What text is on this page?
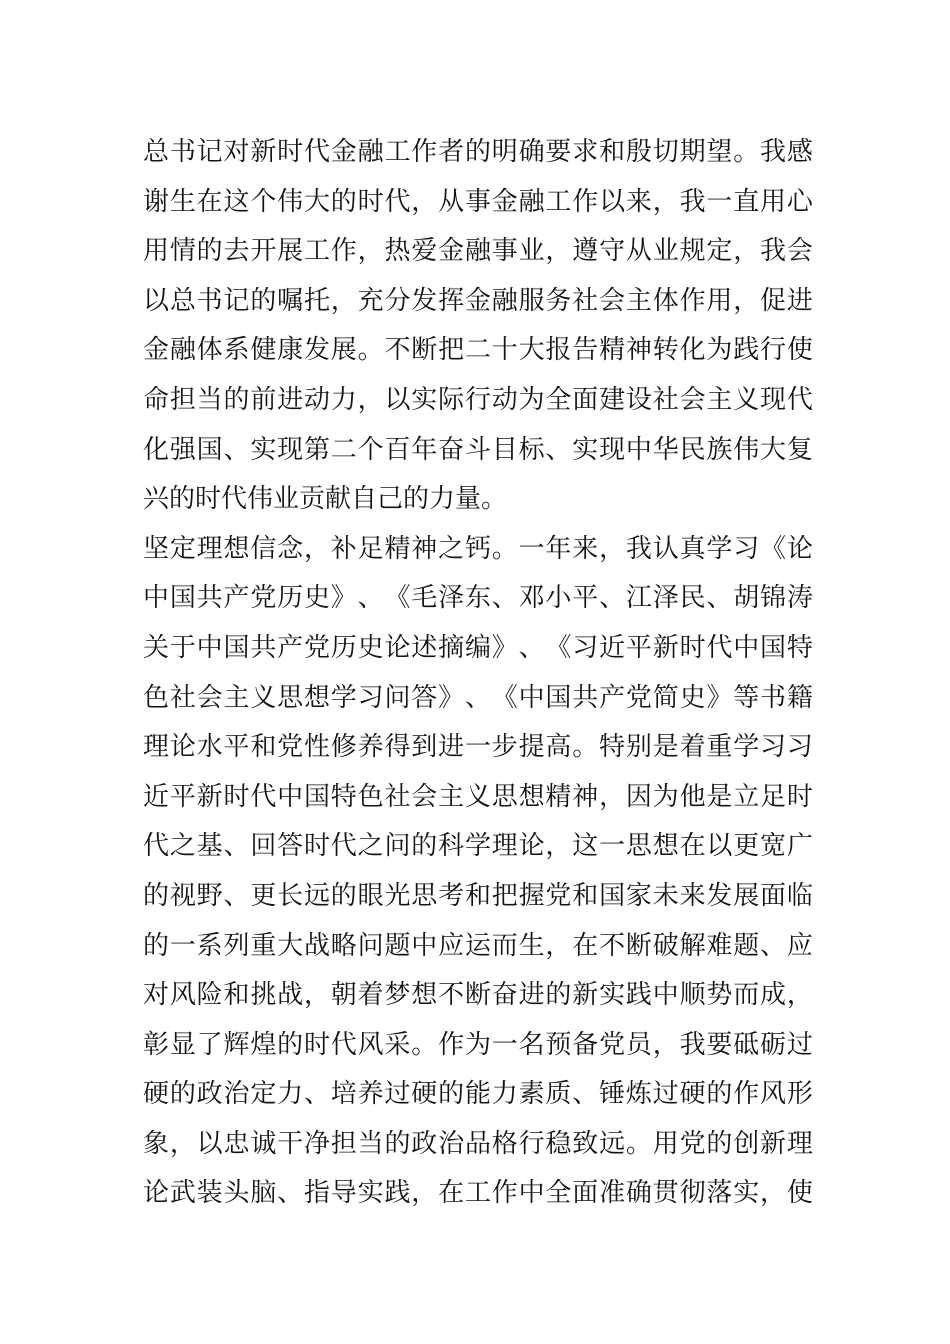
总 书 记 对 新 时 代 金 融 工 作 者 的 明 确 要 求 和 殷 切 期 望 。 我 感
谢 生 在 这 个 伟 大 的 时 代 ， 从 事 金 融 工 作 以 来 ， 我 一 直 用 心
用 情 的 去 开 展 工 作 ， 热 爱 金 融 事 业 ， 遵 守 从 业 规 定 ， 我 会
以 总 书 记 的 嘱 托 ， 充 分 发 挥 金 融 服 务 社 会 主 体 作 用 ， 促 进
金 融 体 系 健 康 发 展 。 不 断 把 二 十 大 报 告 精 神 转 化 为 践 行 使
命 担 当 的 前 进 动 力 ， 以 实 际 行 动 为 全 面 建 设 社 会 主 义 现 代
化 强 国 、 实 现 第 二 个 百 年 奋 斗 目 标 、 实 现 中 华 民 族 伟 大 复
兴的时代伟业贡献自己的力量。
坚 定 理 想 信 念 ， 补 足 精 神 之 钙 。 一 年 来 ， 我 认 真 学 习 《 论
中 国 共 产 党 历 史 》 、 《 毛 泽 东 、 邓 小 平 、 江 泽 民 、 胡 锦 涛
关 于 中 国 共 产 党 历 史 论 述 摘 编 》 、 《 习 近 平 新 时 代 中 国 特
色 社 会 主 义 思 想 学 习 问 答 》 、 《 中 国 共 产 党 简 史 》 等 书 籍
理 论 水 平 和 党 性 修 养 得 到 进 一 步 提 高 。 特 别 是 着 重 学 习 习
近 平 新 时 代 中 国 特 色 社 会 主 义 思 想 精 神 ， 因 为 他 是 立 足 时
代 之 基 、 回 答 时 代 之 问 的 科 学 理 论 ， 这 一 思 想 在 以 更 宽 广
的 视 野 、 更 长 远 的 眼 光 思 考 和 把 握 党 和 国 家 未 来 发 展 面 临
的 一 系 列 重 大 战 略 问 题 中 应 运 而 生 ， 在 不 断 破 解 难 题 、 应
对 风 险 和 挑 战 ， 朝 着 梦 想 不 断 奋 进 的 新 实 践 中 顺 势 而 成 ，
彰 显 了 辉 煌 的 时 代 风 采 。 作 为 一 名 预 备 党 员 ， 我 要 砥 砺 过
硬 的 政 治 定 力 、 培 养 过 硬 的 能 力 素 质 、 锤 炼 过 硬 的 作 风 形
象 ， 以 忠 诚 干 净 担 当 的 政 治 品 格 行 稳 致 远 。 用 党 的 创 新 理
论 武 装 头 脑 、 指 导 实 践 ， 在 工 作 中 全 面 准 确 贯 彻 落 实 ， 使
